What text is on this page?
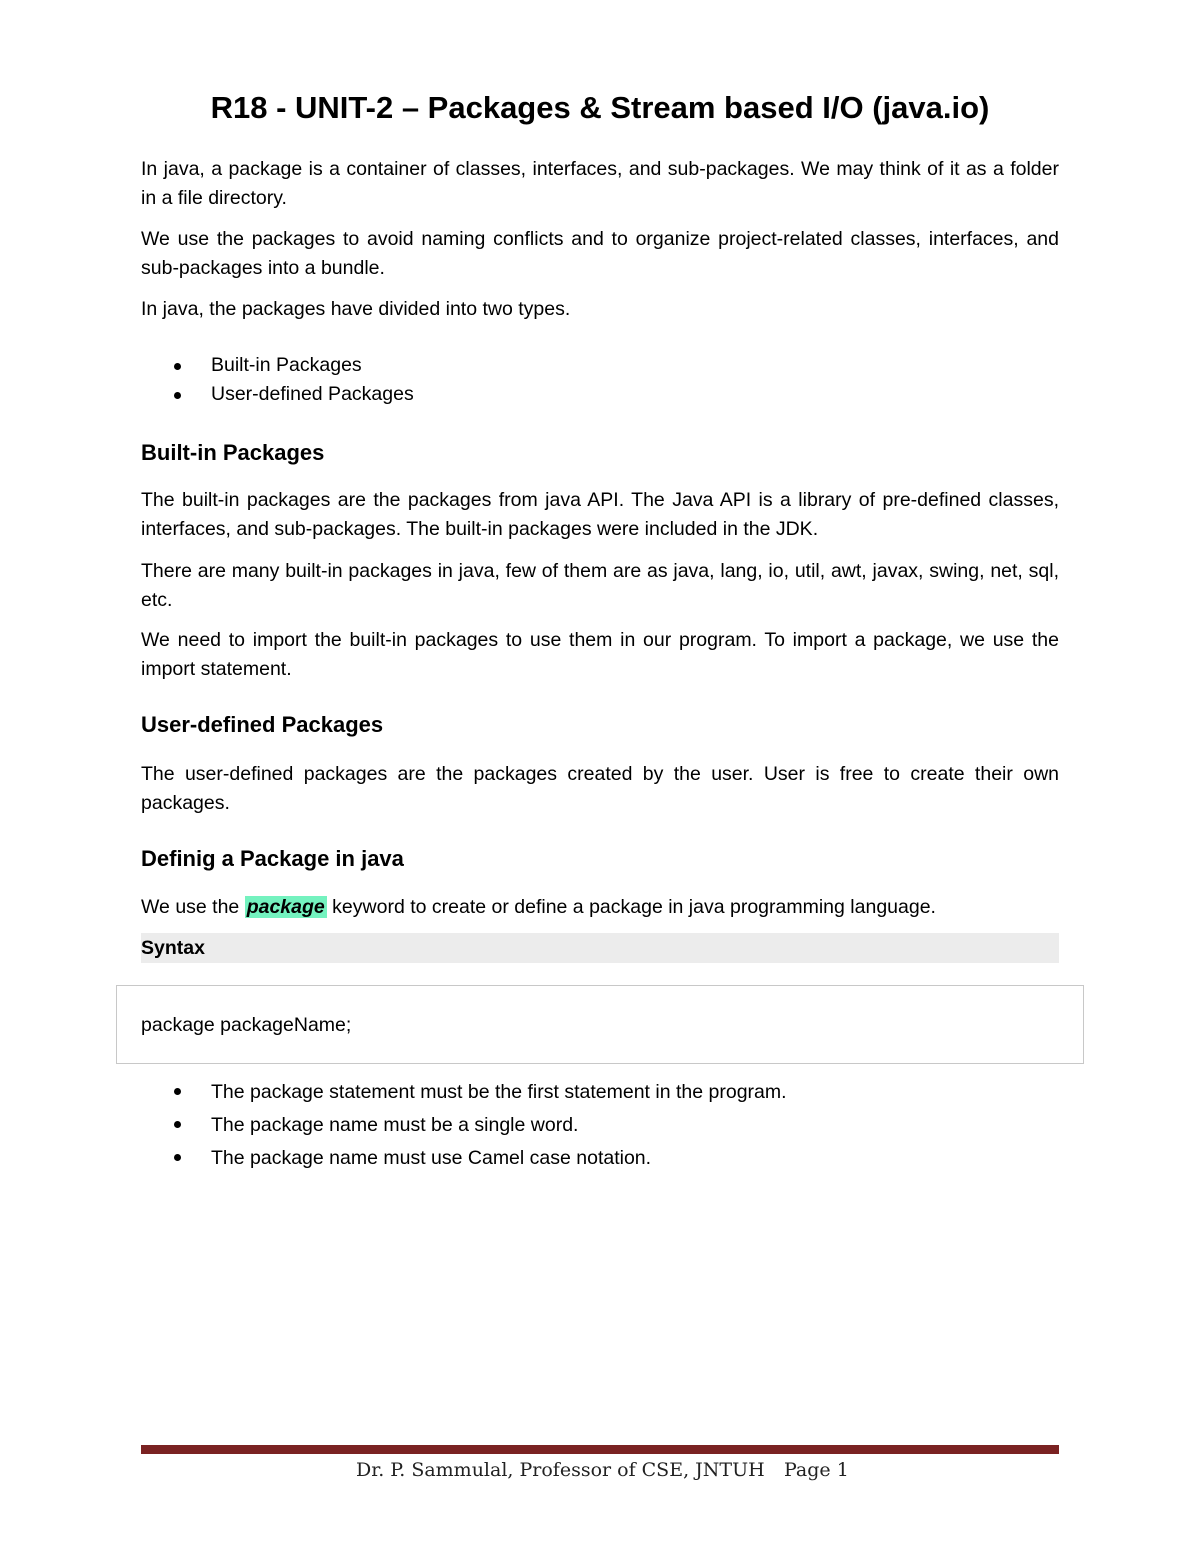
R18 - UNIT-2 – Packages & Stream based I/O (java.io)

In java, a package is a container of classes, interfaces, and sub-packages. We may think of it as a folder in a file directory.

We use the packages to avoid naming conflicts and to organize project-related classes, interfaces, and sub-packages into a bundle.

In java, the packages have divided into two types.

Built-in Packages
User-defined Packages
Built-in Packages

The built-in packages are the packages from java API. The Java API is a library of pre-defined classes, interfaces, and sub-packages. The built-in packages were included in the JDK.

There are many built-in packages in java, few of them are as java, lang, io, util, awt, javax, swing, net, sql, etc.

We need to import the built-in packages to use them in our program. To import a package, we use the import statement.

User-defined Packages

The user-defined packages are the packages created by the user. User is free to create their own packages.

Definig a Package in java

We use the package keyword to create or define a package in java programming language.

Syntax
package packageName;
The package statement must be the first statement in the program.
The package name must be a single word.
The package name must use Camel case notation.
Dr. P. Sammulal, Professor of CSE, JNTUH Page 1
